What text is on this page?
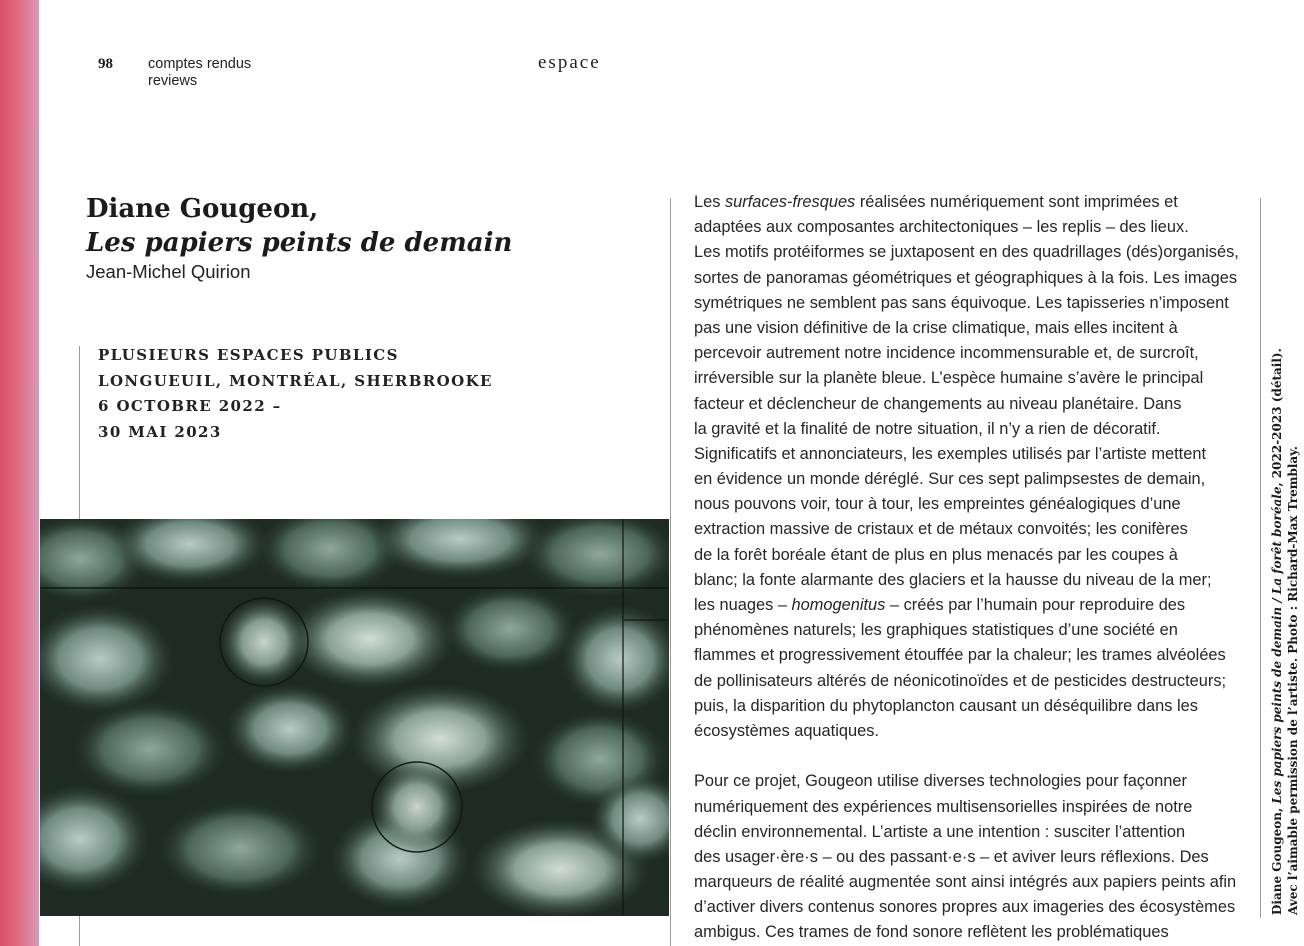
98 comptes rendus
reviews
espace
Diane Gougeon,
Les papiers peints de demain
Jean-Michel Quirion
PLUSIEURS ESPACES PUBLICS
LONGUEUIL, MONTRÉAL, SHERBROOKE
6 OCTOBRE 2022 –
30 MAI 2023
Les surfaces-fresques réalisées numériquement sont imprimées et
adaptées aux composantes architectoniques – les replis – des lieux.
Les motifs protéiformes se juxtaposent en des quadrillages (dés)organisés,
sortes de panoramas géométriques et géographiques à la fois. Les images
symétriques ne semblent pas sans équivoque. Les tapisseries n’imposent
pas une vision définitive de la crise climatique, mais elles incitent à
percevoir autrement notre incidence incommensurable et, de surcroît,
irréversible sur la planète bleue. L’espèce humaine s’avère le principal
facteur et déclencheur de changements au niveau planétaire. Dans
la gravité et la finalité de notre situation, il n’y a rien de décoratif.
Significatifs et annonciateurs, les exemples utilisés par l’artiste mettent
en évidence un monde déréglé. Sur ces sept palimpsestes de demain,
nous pouvons voir, tour à tour, les empreintes généalogiques d’une
extraction massive de cristaux et de métaux convoités; les conifères
de la forêt boréale étant de plus en plus menacés par les coupes à
blanc; la fonte alarmante des glaciers et la hausse du niveau de la mer;
les nuages – homogenitus – créés par l’humain pour reproduire des
phénomènes naturels; les graphiques statistiques d’une société en
flammes et progressivement étouffée par la chaleur; les trames alvéolées
de pollinisateurs altérés de néonicotinoïdes et de pesticides destructeurs;
puis, la disparition du phytoplancton causant un déséquilibre dans les
écosystèmes aquatiques.
Pour ce projet, Gougeon utilise diverses technologies pour façonner
numériquement des expériences multisensorielles inspirées de notre
déclin environnemental. L’artiste a une intention : susciter l’attention
des usager·ère·s – ou des passant·e·s – et aviver leurs réflexions. Des
marqueurs de réalité augmentée sont ainsi intégrés aux papiers peints afin
d’activer divers contenus sonores propres aux imageries des écosystèmes
ambigus. Ces trames de fond sonore reflètent les problématiques
Diane Gougeon, Les papiers peints de demain / La forêt boréale, 2022-2023 (détail).
Avec l’aimable permission de l’artiste. Photo : Richard-Max Tremblay.
